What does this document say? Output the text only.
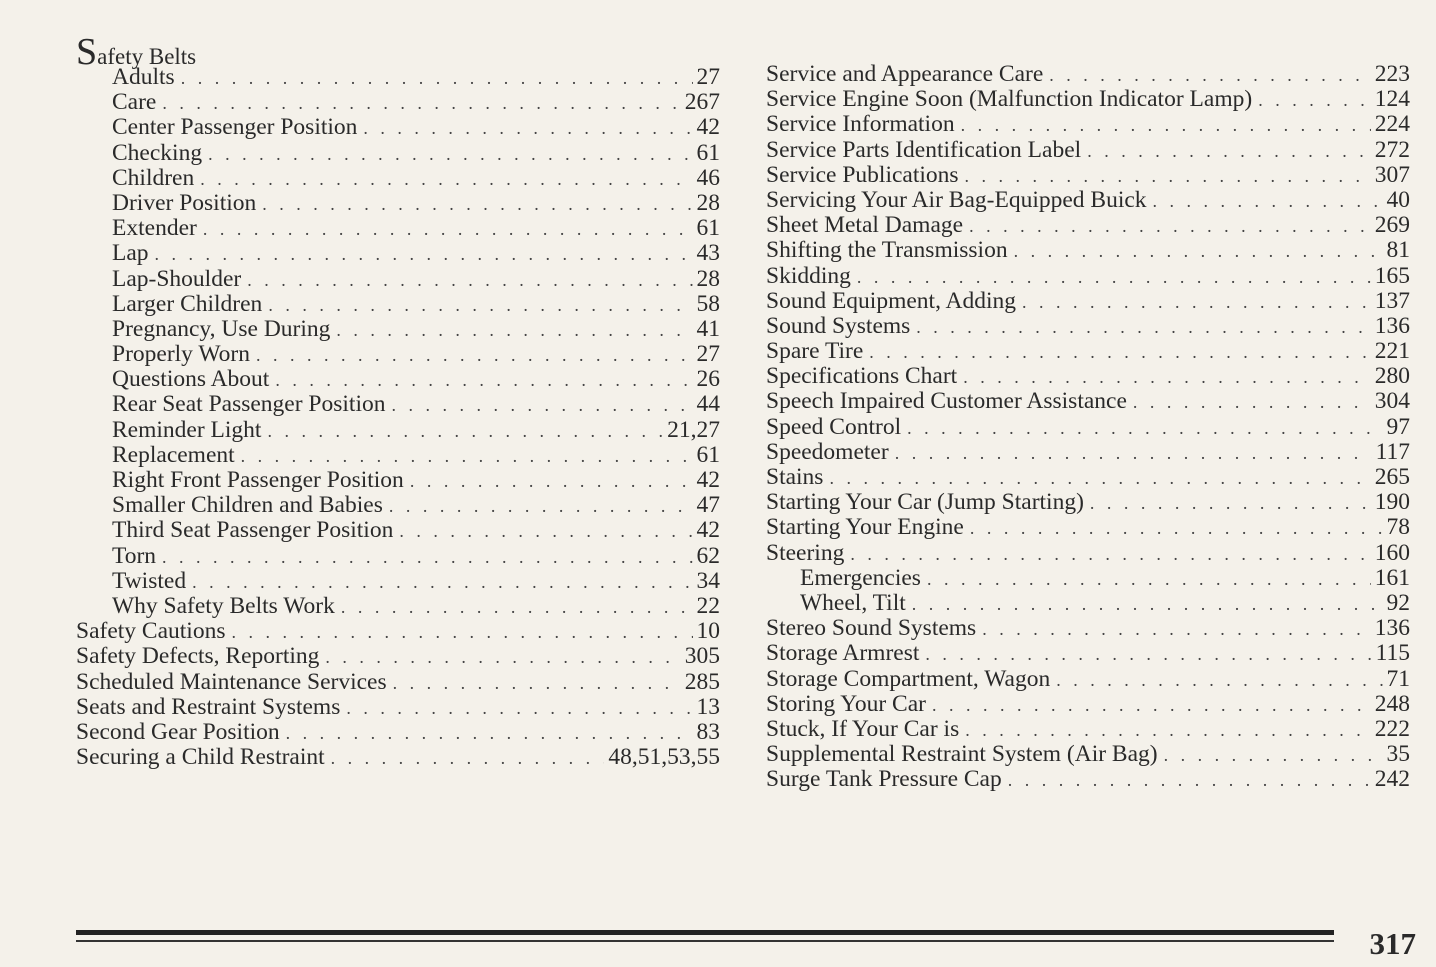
Safety Belts
Adults . . .	27
Care . . .	267
Center Passenger Position . . .	42
Checking . . .	61
Children . . .	46
Driver Position . . .	28
Extender . . .	61
Lap . . .	43
Lap-Shoulder . . .	28
Larger Children . . .	58
Pregnancy, Use During . . .	41
Properly Worn . . .	27
Questions About . . .	26
Rear Seat Passenger Position . . .	44
Reminder Light . . .	21,27
Replacement . . .	61
Right Front Passenger Position . . .	42
Smaller Children and Babies . . .	47
Third Seat Passenger Position . . .	42
Torn . . .	62
Twisted . . .	34
Why Safety Belts Work . . .	22
Safety Cautions . . .	10
Safety Defects, Reporting . . .	305
Scheduled Maintenance Services . . .	285
Seats and Restraint Systems . . .	13
Second Gear Position . . .	83
Securing a Child Restraint . . .	48,51,53,55
Service and Appearance Care . . .	223
Service Engine Soon (Malfunction Indicator Lamp) . . .	124
Service Information . . .	224
Service Parts Identification Label . . .	272
Service Publications . . .	307
Servicing Your Air Bag-Equipped Buick . . .	40
Sheet Metal Damage . . .	269
Shifting the Transmission . . .	81
Skidding . . .	165
Sound Equipment, Adding . . .	137
Sound Systems . . .	136
Spare Tire . . .	221
Specifications Chart . . .	280
Speech Impaired Customer Assistance . . .	304
Speed Control . . .	97
Speedometer . . .	117
Stains . . .	265
Starting Your Car (Jump Starting) . . .	190
Starting Your Engine . . .	78
Steering . . .	160
Emergencies . . .	161
Wheel, Tilt . . .	92
Stereo Sound Systems . . .	136
Storage Armrest . . .	115
Storage Compartment, Wagon . . .	71
Storing Your Car . . .	248
Stuck, If Your Car is . . .	222
Supplemental Restraint System (Air Bag) . . .	35
Surge Tank Pressure Cap . . .	242
317
